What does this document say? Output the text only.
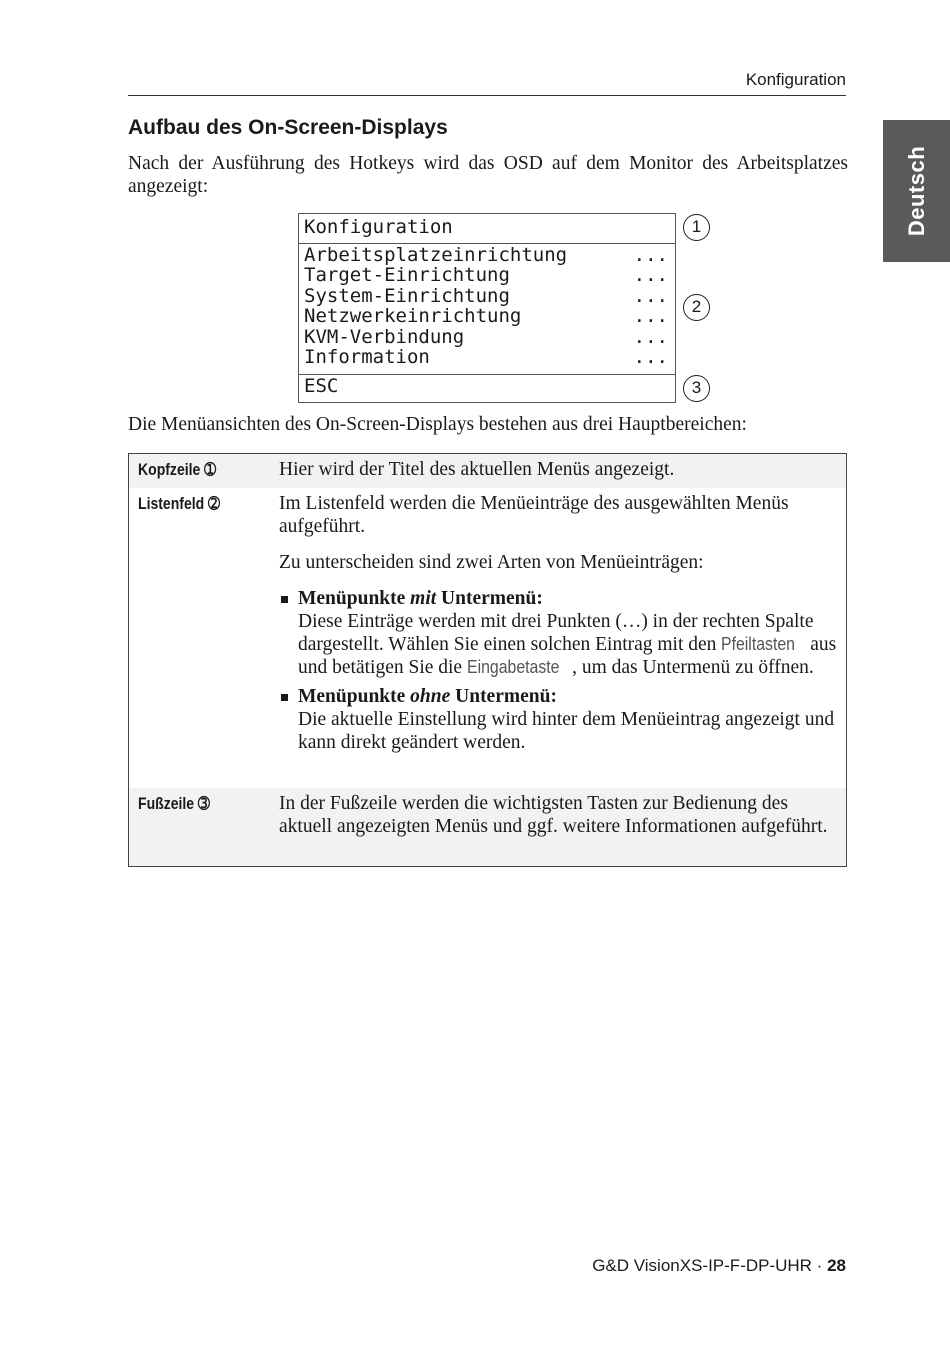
Konfiguration
Deutsch
Aufbau des On-Screen-Displays

Nach der Ausführung des Hotkeys wird das OSD auf dem Monitor des Arbeitsplatzes angezeigt:

Konfiguration
Arbeitsplatzeinrichtung	...
Target-Einrichtung	...
System-Einrichtung	...
Netzwerkeinrichtung	...
KVM-Verbindung	...
Information	...
ESC
1
2
3

Die Menüansichten des On-Screen-Displays bestehen aus drei Hauptbereichen:

Kopfzeile ➀	Hier wird der Titel des aktuellen Menüs angezeigt.

Listenfeld ➁	Im Listenfeld werden die Menüeinträge des ausgewählten Menüs aufgeführt.

Zu unterscheiden sind zwei Arten von Menüeinträgen:

Menüpunkte mit Untermenü:
Diese Einträge werden mit drei Punkten (…) in der rechten Spalte dargestellt. Wählen Sie einen solchen Eintrag mit den Pfeiltasten aus und betätigen Sie die Eingabetaste , um das Untermenü zu öffnen.
Menüpunkte ohne Untermenü:
Die aktuelle Einstellung wird hinter dem Menüeintrag angezeigt und kann direkt geändert werden.
Fußzeile ➂	In der Fußzeile werden die wichtigsten Tasten zur Bedienung des aktuell angezeigten Menüs und ggf. weitere Informationen aufgeführt.

G&D VisionXS-IP-F-DP-UHR · 28
